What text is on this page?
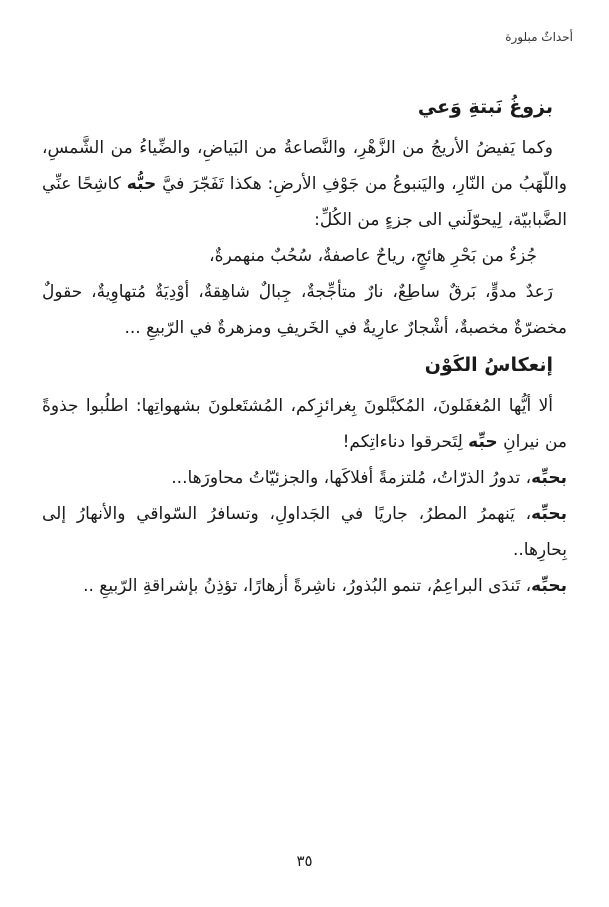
أحداثٌ مبلورة
بزوغُ نَبتةِ وَعي

وكما يَفيضُ الأريجُ من الزَّهْرِ، والنَّصاعةُ من البَياضِ، والضِّياءُ من الشَّمسِ، واللّهَبُ من النّارِ، واليَنبوعُ من جَوْفِ الأرضِ: هكذا تَفَجّرَ فيَّ حبُّه كاشِحًا عنِّي الضَّبابيّة، لِيحوّلَني الى جزءٍ من الكُلِّ:

جُزءٌ من بَحْرِ هائجٍ، رياحٌ عاصفةٌ، سُحُبٌ منهمرةٌ،

رَعدٌ مدوٍّ، بَرقٌ ساطِعٌ، نارٌ متأجِّجةٌ، جِبالٌ شاهِقةٌ، أوْدِيَةٌ مُتهاوِيةٌ، حقولٌ مخضرّةٌ مخصبةٌ، أشْجارٌ عارِيةٌ في الخَريفِ ومزهرةٌ في الرّبيعِ ...

إنعكاسُ الكَوْن

ألا أيُّها المُغفَلونَ، المُكبَّلونَ بِغرائزِكم، المُشتَعلونَ بشهواتِها: اطلُبوا جذوةً من نيرانِ حبِّه لِتَحرقوا دناءاتِكم!

بحبِّه، تدورُ الذرّاتُ، مُلتزمةً أفلاكَها، والجزئيّاتُ محاورَها...

بحبِّه، يَنهمرُ المطرُ، جاريًا في الجَداولِ، وتسافرُ السّواقي والأنهارُ إلى بِحارِها..

بحبِّه، تَندَى البراعِمُ، تنمو البُذورُ، ناشِرةً أزهارًا، تؤذِنُ بإشراقةِ الرّبيعِ ..

٣٥
